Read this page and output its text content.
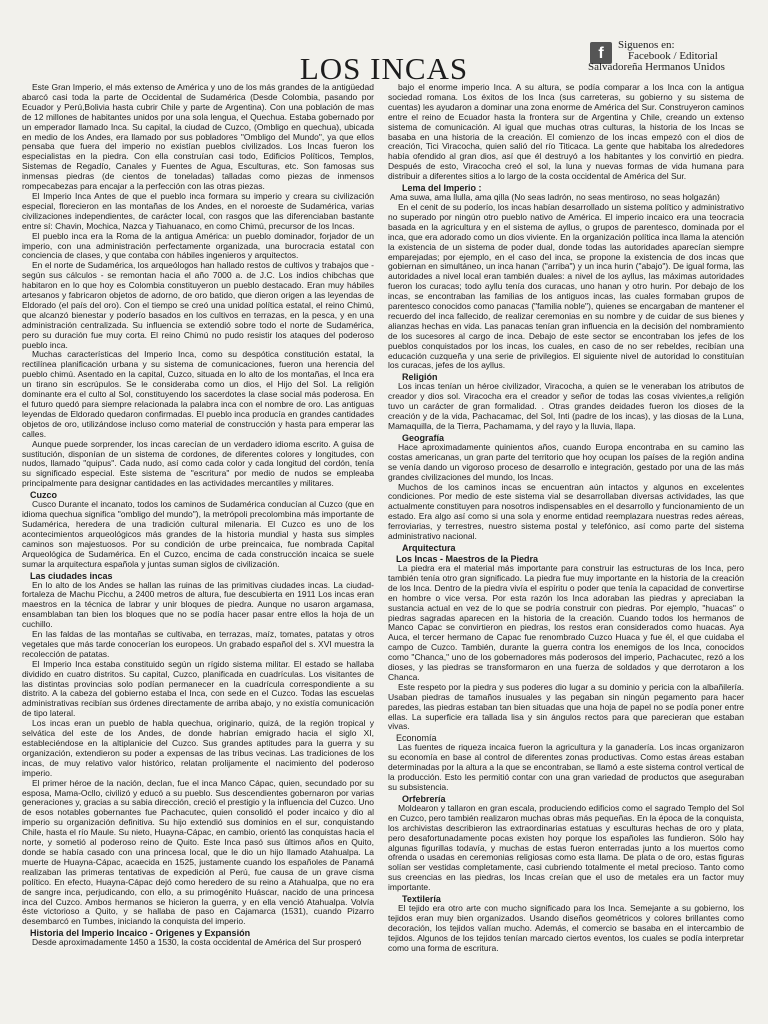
LOS INCAS	f	Siguenos en:
Facebook / Editorial
Salvadoreña Hermanos Unidos

Este Gran Imperio, el más extenso de América y uno de los más grandes de la antigüedad abarcó casi toda la parte de Occidental de Sudamérica (Desde Colombia, pasando por Ecuador y Perú,Bolivia hasta cubrir Chile y parte de Argentina). Con una población de mas de 12 millones de habitantes unidos por una sola lengua, el Quechua. Estaba gobernado por un emperador llamado Inca. Su capital, la ciudad de Cuzco, (Ombligo en quechua), ubicada en medio de los Andes, era llamado por sus pobladores "Ombligo del Mundo", ya que ellos pensaba que fuera del imperio no existían pueblos civilizados. Los Incas fueron los especialistas en la piedra. Con ella construían casi todo, Edificios Políticos, Templos, Sistemas de Regadío, Canales y Fuentes de Agua, Esculturas, etc. Son famosas sus inmensas piedras (de cientos de toneladas) talladas como piezas de inmensos rompecabezas para encajar a la perfección con las otras piezas.

El Imperio Inca Antes de que el pueblo inca formara su imperio y creara su civilización especial, florecieron en las montañas de los Andes, en el noroeste de Sudamérica, varias civilizaciones independientes, de carácter local, con rasgos que las diferenciaban bastante entre sí: Chavin, Mochica, Nazca y Tiahuanaco, en como Chimú, precursor de los Incas.

El pueblo inca era la Roma de la antigua América: un pueblo dominador, forjador de un imperio, con una administración perfectamente organizada, una burocracia estatal con conciencia de clases, y que contaba con hábiles ingenieros y arquitectos.

En el norte de Sudamérica, los arqueólogos han hallado restos de cultivos y trabajos que - según sus cálculos - se remontan hacia el año 7000 a. de J.C. Los indios chibchas que habitaron en lo que hoy es Colombia constituyeron un pueblo destacado. Eran muy hábiles artesanos y fabricaron objetos de adorno, de oro batido, que dieron origen a las leyendas de Eldorado (el país del oro). Con el tiempo se creó una unidad política estatal, el reino Chimú, que alcanzó bienestar y poderío basados en los cultivos en terrazas, en la pesca, y en una administración centralizada. Su influencia se extendió sobre todo el norte de Sudamérica, pero su duración fue muy corta. El reino Chimú no pudo resistir los ataques del poderoso pueblo inca.

Muchas características del Imperio Inca, como su despótica constitución estatal, la rectilínea planificación urbana y su sistema de comunicaciones, fueron una herencia del pueblo chimú. Asentado en la capital, Cuzco, situada en lo alto de los montañas, el Inca era un tirano sin escrúpulos. Se le consideraba como un dios, el Hijo del Sol. La religión dominante era el culto al Sol, constituyendo los sacerdotes la clase social más poderosa. En el futuro quedó para siempre relacionada la palabra inca con el nombre de oro. Las antiguas leyendas de Eldorado quedaron confirmadas. El pueblo inca producía en grandes cantidades objetos de oro, utilizándose incluso como material de construcción y hasta para emperar las calles.

Aunque puede sorprender, los incas carecían de un verdadero idioma escrito. A guisa de sustitución, disponían de un sistema de cordones, de diferentes colores y longitudes, con nudos, llamado "quipus". Cada nudo, así como cada color y cada longitud del cordón, tenía su significado especial. Este sistema de "escritura" por medio de nudos se empleaba principalmente para designar cantidades en las actividades mercantiles y militares.

Cuzco

Cusco Durante el incanato, todos los caminos de Sudamérica conducían al Cuzco (que en idioma quechua significa "ombligo del mundo"), la metrópoli precolombina más importante de Sudamérica, heredera de una tradición cultural milenaria. El Cuzco es uno de los acontecimientos arqueológicos más grandes de la historia mundial y hasta sus simples caminos son majestuosos. Por su condición de urbe preincaica, fue nombrada Capital Arqueológica de Sudamérica. En el Cuzco, encima de cada construcción incaica se suele sumar la arquitectura española y juntas suman siglos de civilización.

Las ciudades incas

En lo alto de los Andes se hallan las ruinas de las primitivas ciudades incas. La ciudad-fortaleza de Machu Picchu, a 2400 metros de altura, fue descubierta en 1911 Los incas eran maestros en la técnica de labrar y unir bloques de piedra. Aunque no usaron argamasa, ensamblaban tan bien los bloques que no se podía hacer pasar entre ellos la hoja de un cuchillo.

En las faldas de las montañas se cultivaba, en terrazas, maíz, tomates, patatas y otros vegetales que más tarde conocerían los europeos. Un grabado español del s. XVI muestra la recolección de patatas.

El Imperio Inca estaba constituido según un rígido sistema militar. El estado se hallaba dividido en cuatro distritos. Su capital, Cuzco, planificada en cuadrículas. Los visitantes de las distintas provincias solo podían permanecer en la cuadrícula correspondiente a su distrito. A la cabeza del gobierno estaba el Inca, con sede en el Cuzco. Todas las escuelas administrativas recibían sus órdenes directamente de arriba abajo, y no existía comunicación de tipo lateral.

Los incas eran un pueblo de habla quechua, originario, quizá, de la región tropical y selvática del este de los Andes, de donde habrían emigrado hacia el siglo XI, estableciéndose en la altiplanicie del Cuzco. Sus grandes aptitudes para la guerra y su organización, extendieron su poder a expensas de las tribus vecinas. Las tradiciones de los incas, de muy relativo valor histórico, relatan prolijamente el nacimiento del poderoso imperio.

El primer héroe de la nación, declan, fue el inca Manco Cápac, quien, secundado por su esposa, Mama-Ocllo, civilizó y educó a su pueblo. Sus descendientes gobernaron por varias generaciones y, gracias a su sabia dirección, creció el prestigio y la influencia del Cuzco. Uno de esos notables gobernantes fue Pachacutec, quien consolidó el poder incaico y dio al imperio su organización definitiva. Su hijo extendió sus dominios en el sur, conquistando Chile, hasta el río Maule. Su nieto, Huayna-Cápac, en cambio, orientó las conquistas hacia el norte, y sometió al poderoso reino de Quito. Este Inca pasó sus últimos años en Quito, donde se había casado con una princesa local, que le dio un hijo llamado Atahualpa. La muerte de Huayna-Cápac, acaecida en 1525, justamente cuando los españoles de Panamá realizaban las primeras tentativas de expedición al Perú, fue causa de un grave cisma político. En efecto, Huayna-Cápac dejó como heredero de su reino a Atahualpa, que no era de sangre inca, perjudicando, con ello, a su primogénito Huáscar, nacido de una princesa inca del Cuzco. Ambos hermanos se hicieron la guerra, y en ella venció Atahualpa. Volvía éste victorioso a Quito, y se hallaba de paso en Cajamarca (1531), cuando Pizarro desembarcó en Tumbes, iniciando la conquista del imperio.

Historia del Imperio Incaico - Origenes y Expansión

Desde aproximadamente 1450 a 1530, la costa occidental de América del Sur prosperó

bajo el enorme imperio Inca. A su altura, se podía comparar a los Inca con la antigua sociedad romana. Los éxitos de los Inca (sus carreteras, su gobierno y su sistema de cuentas) les ayudaron a dominar una zona enorme de América del Sur. Construyeron caminos entre el reino de Ecuador hasta la frontera sur de Argentina y Chile, creando un extenso sistema de comunicación. Al igual que muchas otras culturas, la historia de los Incas se basaba en una historia de la creación. El comienzo de los incas empezó con el dios de creación, Tici Viracocha, quien salió del río Titicaca. La gente que habitaba los alrededores había ofendido al gran dios, así que él destruyó a los habitantes y los convirtió en piedra. Después de esto, Viracocha creó el sol, la luna y nuevas formas de vida humana para distribuir a diferentes sitios a lo largo de la costa occidental de América del Sur.

Lema del Imperio :

Ama suwa, ama llulla, ama qilla (No seas ladrón, no seas mentiroso, no seas holgazán)

En el cenit de su poderío, los incas habían desarrollado un sistema político y administrativo no superado por ningún otro pueblo nativo de América. El imperio incaico era una teocracia basada en la agricultura y en el sistema de ayllus, o grupos de parentesco, dominada por el inca, que era adorado como un dios viviente. En la organización política inca llama la atención la existencia de un sistema de poder dual, donde todas las autoridades aparecían siempre emparejadas; por ejemplo, en el caso del inca, se propone la existencia de dos incas que gobiernan en simultáneo, un inca hanan ("arriba") y un inca hurin ("abajo"). De igual forma, las autoridades a nivel local eran también duales: a nivel de los ayllus, las máximas autoridades fueron los curacas; todo ayllu tenía dos curacas, uno hanan y otro hurin. Por debajo de los incas, se encontraban las familias de los antiguos incas, las cuales formaban grupos de parentesco conocidos como panacas ("familia noble"), quienes se encargaban de mantener el recuerdo del inca fallecido, de realizar ceremonias en su nombre y de cuidar de sus bienes y alianzas hechas en vida. Las panacas tenían gran influencia en la decisión del nombramiento de los sucesores al cargo de inca. Debajo de este sector se encontraban los jefes de los pueblos conquistados por los incas, los cuales, en caso de no ser rebeldes, recibían una educación cuzqueña y una serie de privilegios. El siguiente nivel de autoridad lo constituían los curacas, jefes de los ayllus.

Religión

Los incas tenían un héroe civilizador, Viracocha, a quien se le veneraban los atributos de creador y dios sol. Viracocha era el creador y señor de todas las cosas vivientes,a religión tuvo un carácter de gran formalidad. . Otras grandes deidades fueron los dioses de la creación y de la vida, Pachacamac, del Sol, Inti (padre de los incas), y las diosas de la Luna, Mamaquilla, de la Tierra, Pachamama, y del rayo y la lluvia, Ilapa.

Geografía

Hace aproximadamente quinientos años, cuando Europa encontraba en su camino las costas americanas, un gran parte del territorio que hoy ocupan los países de la región andina se venía dando un vigoroso proceso de desarrollo e integración, gestado por una de las más grandes civilizaciones del mundo, los Incas.

Muchos de los caminos incas se encuentran aún intactos y algunos en excelentes condiciones. Por medio de este sistema vial se desarrollaban diversas actividades, las que actualmente constituyen para nosotros indispensables en el desarrollo y funcionamiento de un estado. Era algo así como si una sola y enorme entidad reemplazara nuestras redes aéreas, ferroviarias, y terrestres, nuestro sistema postal y telefónico, así como parte del sistema administrativo nacional.

Arquitectura
Los Incas - Maestros de la Piedra

La piedra era el material más importante para construir las estructuras de los Inca, pero también tenía otro gran significado. La piedra fue muy importante en la historia de la creación de los Inca. Dentro de la piedra vivía el espíritu o poder que tenía la capacidad de convertirse en hombre o vice versa. Por esta razón los Inca adoraban las piedras y apreciaban la sustancia actual en vez de lo que se podría construir con piedras. Por ejemplo, "huacas" o piedras sagradas aparecen en la historia de la creación. Cuando todos los hermanos de Manco Capac se convirtieron en piedras, los restos eran considerados como huacas. Aya Auca, el tercer hermano de Capac fue renombrado Cuzco Huaca y fue él, el que cuidaba el campo de Cuzco. También, durante la guerra contra los enemigos de los Inca, conocidos como "Chanca," uno de los gobernadores más poderosos del imperio, Pachacutec, rezó a los dioses, y las piedras se transformaron en una fuerza de soldados y que derrotaron a los Chanca.

Este respeto por la piedra y sus poderes dio lugar a su dominio y pericia con la albañilería. Usaban piedras de tamaños inusuales y las pegaban sin ningún pegamento para hacer paredes, las piedras estaban tan bien situadas que una hoja de papel no se podía poner entre ellas. La superficie era tallada lisa y sin ángulos rectos para que parecieran que estaban vivas.

Economía

Las fuentes de riqueza incaica fueron la agricultura y la ganadería. Los incas organizaron su economía en base al control de diferentes zonas productivas. Como estas áreas estaban determinadas por la altura a la que se encontraban, se llamó a este sistema control vertical de la producción. Esto les permitió contar con una gran variedad de productos que aseguraban su subsistencia.

Orfebrería

Moldearon y tallaron en gran escala, produciendo edificios como el sagrado Templo del Sol en Cuzco, pero también realizaron muchas obras más pequeñas. En la época de la conquista, los archivistas describieron las extraordinarias estatuas y esculturas hechas de oro y plata, pero desafortunadamente pocas existen hoy porque los españoles las fundieron. Sólo hay algunas figurillas todavía, y muchas de estas fueron enterradas junto a los muertos como ofrenda o usadas en ceremonias religiosas como esta llama. De plata o de oro, estas figuras solían ser vestidas completamente, casi cubriendo totalmente el metal precioso. Tanto como sus creencias en las piedras, los Incas creían que el uso de metales era un factor muy importante.

Textilería

El tejido era otro arte con mucho significado para los Inca. Semejante a su gobierno, los tejidos eran muy bien organizados. Usando diseños geométricos y colores brillantes como decoración, los tejidos valían mucho. Además, el comercio se basaba en el intercambio de tejidos. Algunos de los tejidos tenían marcado ciertos eventos, los cuales se podía interpretar como una forma de escritura.
